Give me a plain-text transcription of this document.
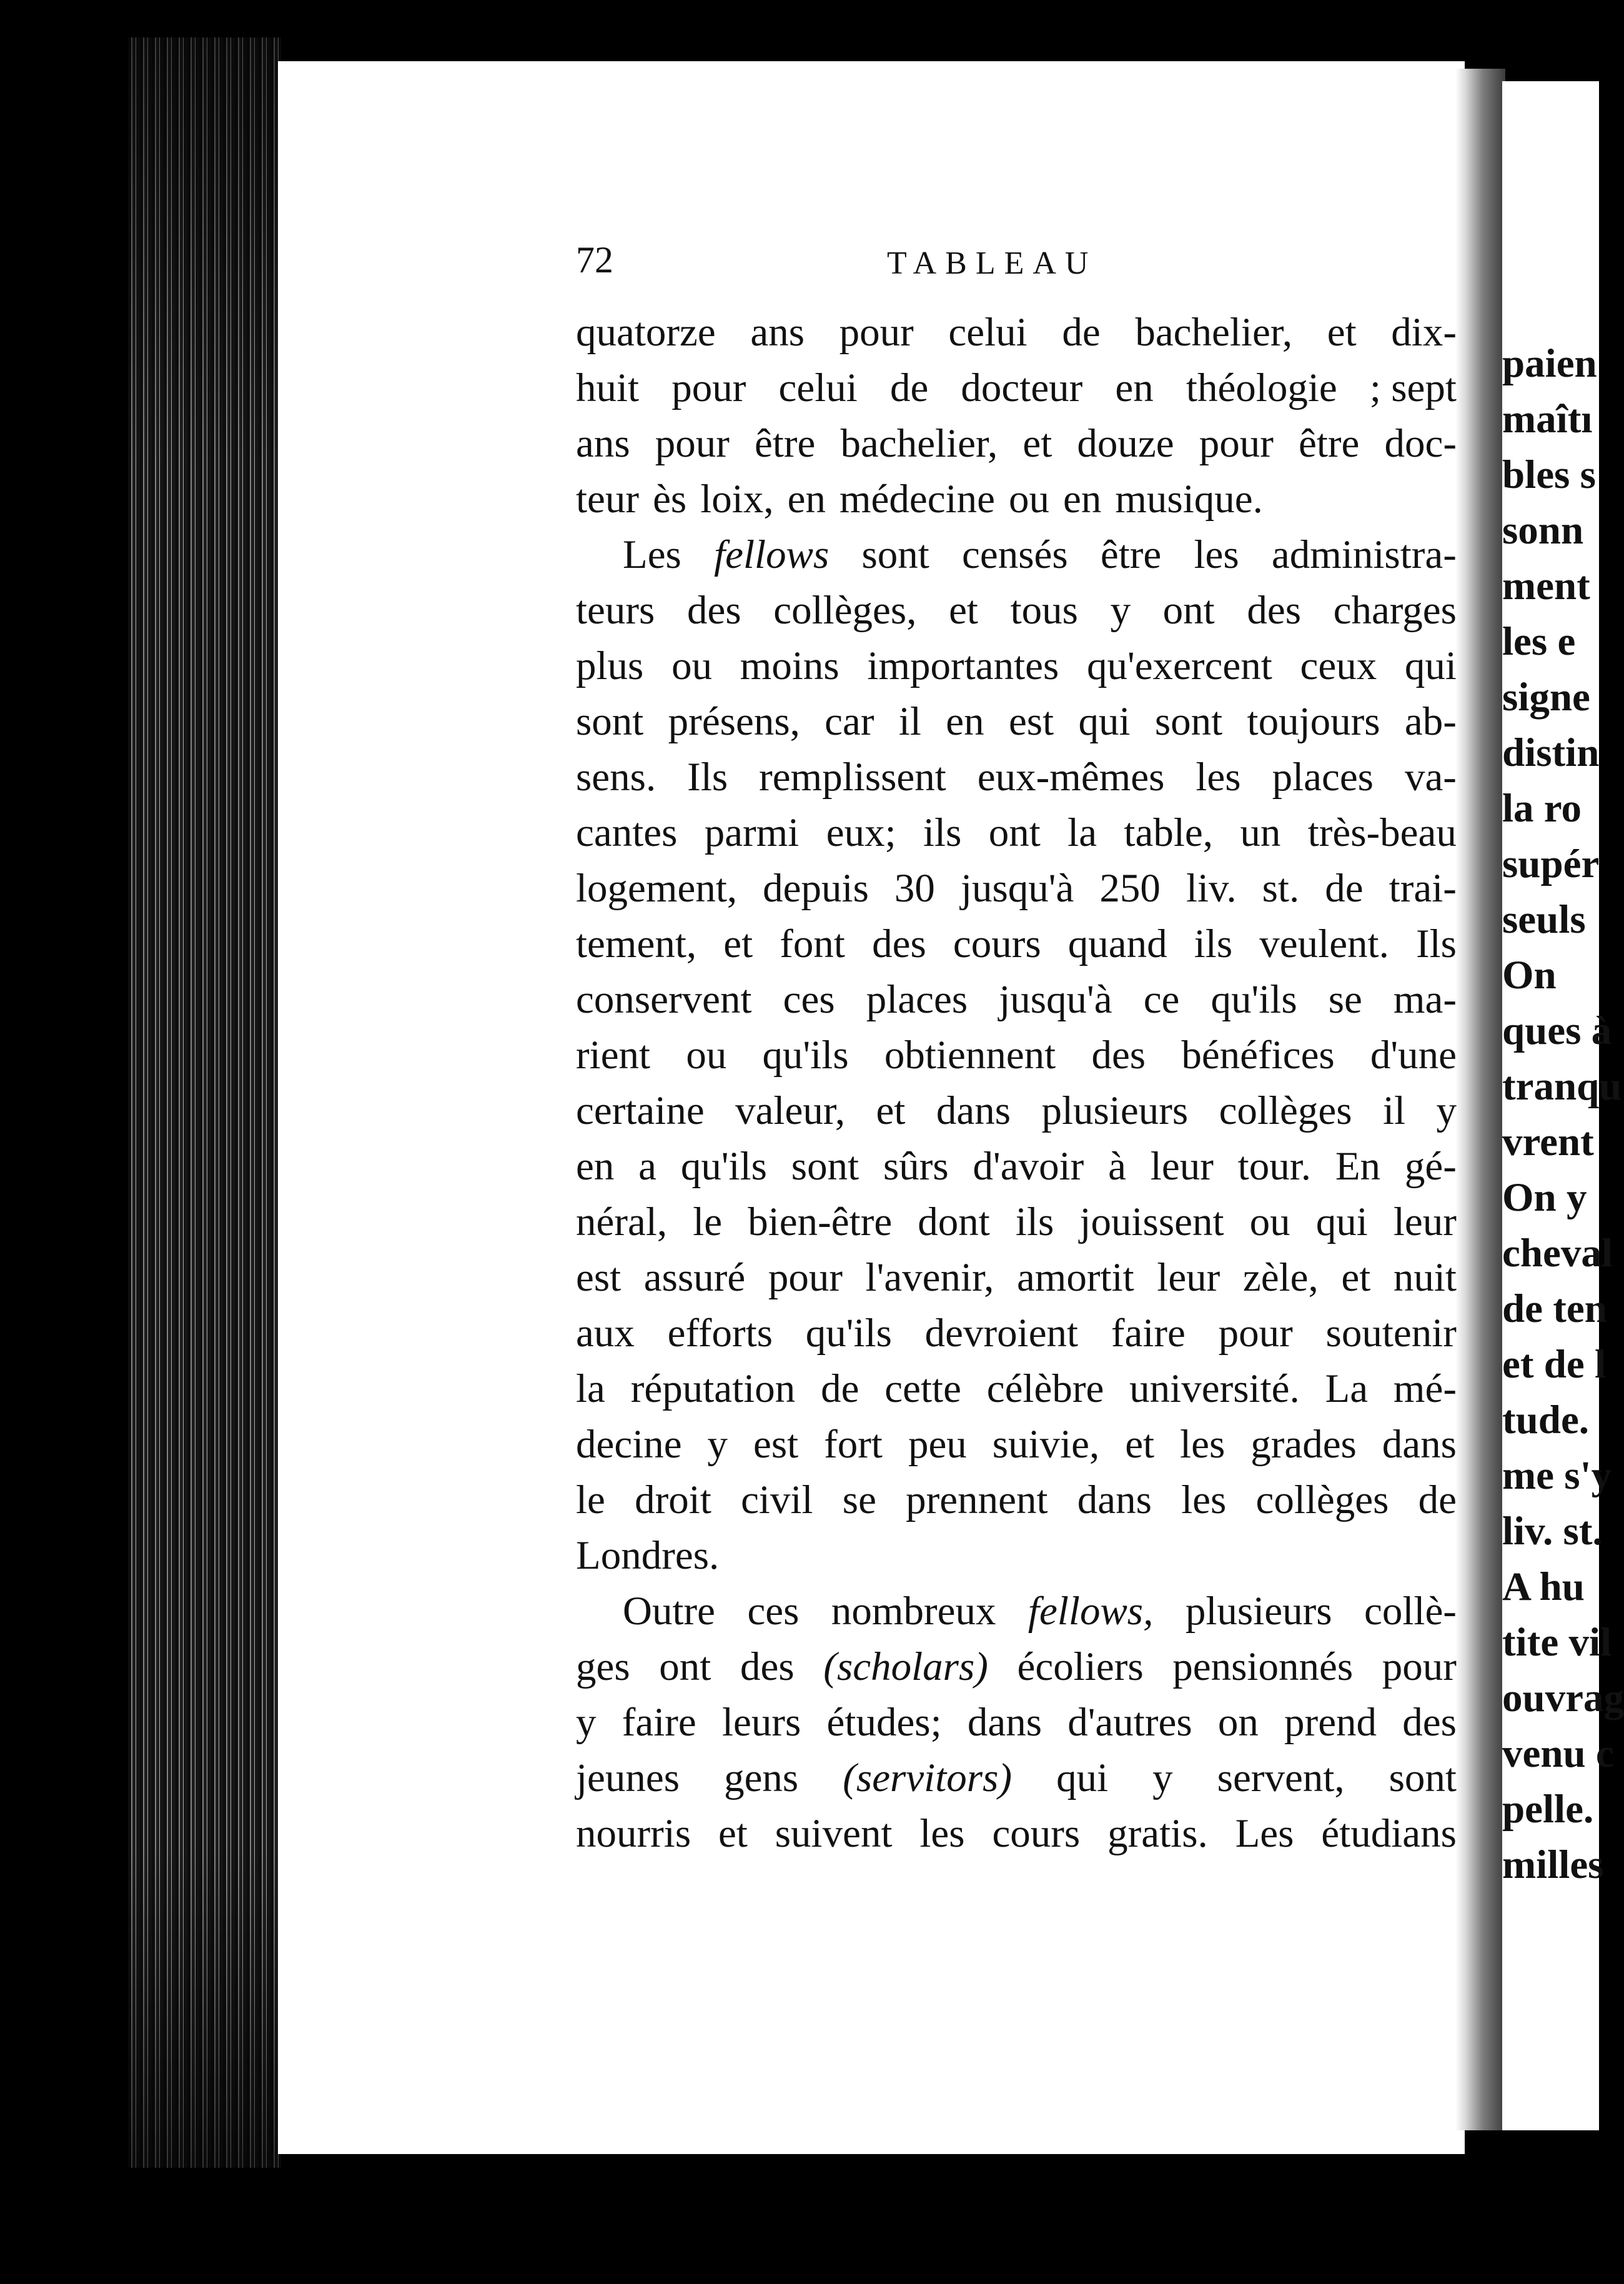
paien
maîtı
bles s
sonn
ment
les e
signe
distin
la ro
supér
seuls
On
ques à
tranqu
vrent
On y
cheval
de ten
et de l
tude.
me s'y
liv. st.
A hu
tite vil
ouvrag
venu c
pelle.
milles
72	TABLEAU
quatorze ans pour celui de bachelier, et dix-
huit pour celui de docteur en théologie ; sept
ans pour être bachelier, et douze pour être doc-
teur ès loix, en médecine ou en musique.
Les fellows sont censés être les administra-
teurs des collèges, et tous y ont des charges
plus ou moins importantes qu'exercent ceux qui
sont présens, car il en est qui sont toujours ab-
sens. Ils remplissent eux-mêmes les places va-
cantes parmi eux; ils ont la table, un très-beau
logement, depuis 30 jusqu'à 250 liv. st. de trai-
tement, et font des cours quand ils veulent. Ils
conservent ces places jusqu'à ce qu'ils se ma-
rient ou qu'ils obtiennent des bénéfices d'une
certaine valeur, et dans plusieurs collèges il y
en a qu'ils sont sûrs d'avoir à leur tour. En gé-
néral, le bien-être dont ils jouissent ou qui leur
est assuré pour l'avenir, amortit leur zèle, et nuit
aux efforts qu'ils devroient faire pour soutenir
la réputation de cette célèbre université. La mé-
decine y est fort peu suivie, et les grades dans
le droit civil se prennent dans les collèges de
Londres.
Outre ces nombreux fellows, plusieurs collè-
ges ont des (scholars) écoliers pensionnés pour
y faire leurs études; dans d'autres on prend des
jeunes gens (servitors) qui y servent, sont
nourris et suivent les cours gratis. Les étudians
